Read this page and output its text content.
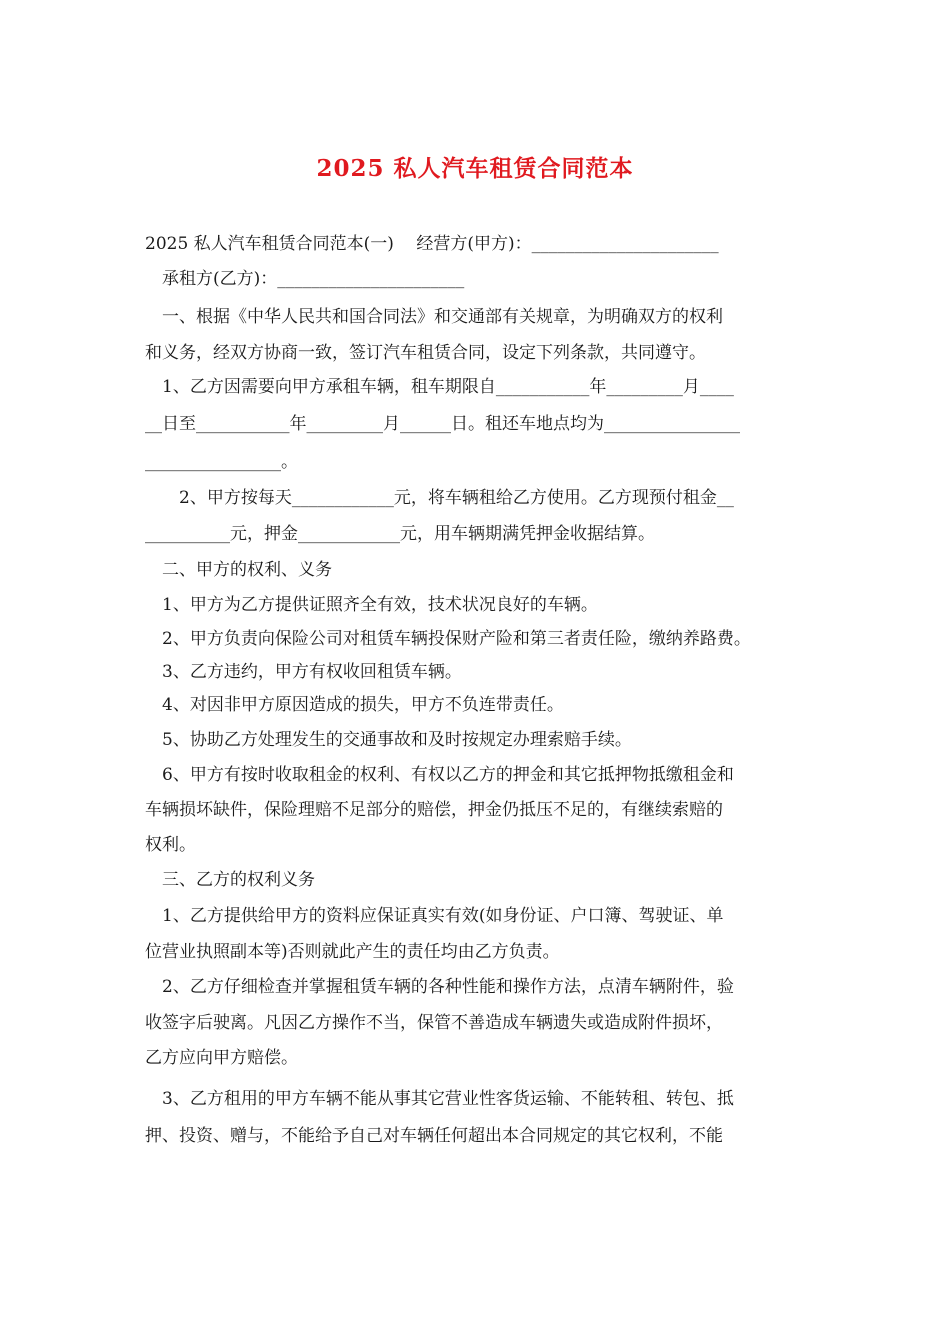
2025 私人汽车租赁合同范本
2025 私人汽车租赁合同范本(一)　 经营方(甲方)：______________________
　承租方(乙方)：______________________
　一、根据《中华人民共和国合同法》和交通部有关规章，为明确双方的权利
和义务，经双方协商一致，签订汽车租赁合同，设定下列条款，共同遵守。
　1、乙方因需要向甲方承租车辆，租车期限自___________年_________月____
__日至___________年_________月______日。租还车地点均为________________
________________。
　　2、甲方按每天____________元，将车辆租给乙方使用。乙方现预付租金__
__________元，押金____________元，用车辆期满凭押金收据结算。
　二、甲方的权利、义务
　1、甲方为乙方提供证照齐全有效，技术状况良好的车辆。
　2、甲方负责向保险公司对租赁车辆投保财产险和第三者责任险，缴纳养路费。
　3、乙方违约，甲方有权收回租赁车辆。
　4、对因非甲方原因造成的损失，甲方不负连带责任。
　5、协助乙方处理发生的交通事故和及时按规定办理索赔手续。
　6、甲方有按时收取租金的权利、有权以乙方的押金和其它抵押物抵缴租金和
车辆损坏缺件，保险理赔不足部分的赔偿，押金仍抵压不足的，有继续索赔的
权利。
　三、乙方的权利义务
　1、乙方提供给甲方的资料应保证真实有效(如身份证、户口簿、驾驶证、单
位营业执照副本等)否则就此产生的责任均由乙方负责。
　2、乙方仔细检查并掌握租赁车辆的各种性能和操作方法，点清车辆附件，验
收签字后驶离。凡因乙方操作不当，保管不善造成车辆遗失或造成附件损坏，
乙方应向甲方赔偿。
　3、乙方租用的甲方车辆不能从事其它营业性客货运输、不能转租、转包、抵
押、投资、赠与，不能给予自己对车辆任何超出本合同规定的其它权利，不能
